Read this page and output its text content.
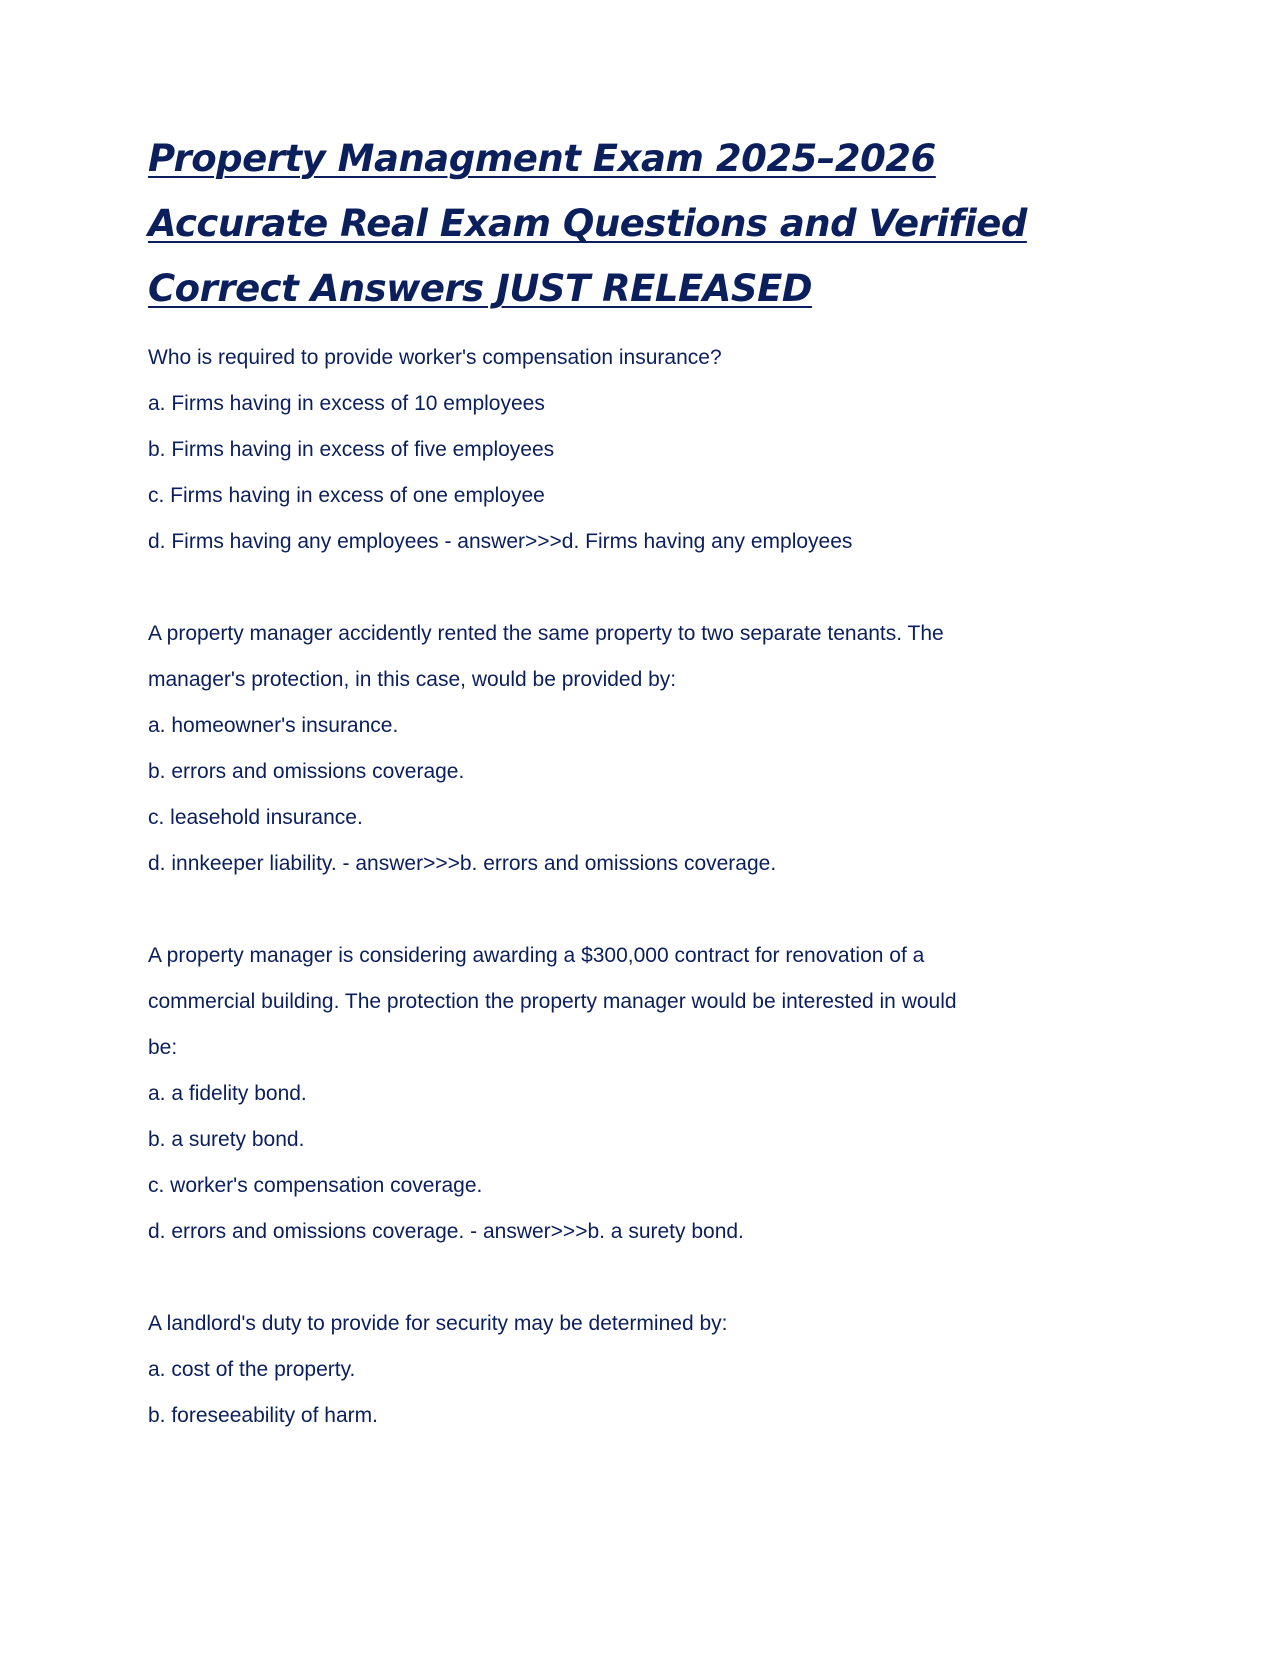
Property Managment Exam 2025–2026
Accurate Real Exam Questions and Verified
Correct Answers JUST RELEASED

Who is required to provide worker's compensation insurance?

a. Firms having in excess of 10 employees

b. Firms having in excess of five employees

c. Firms having in excess of one employee

d. Firms having any employees - answer>>>d. Firms having any employees

A property manager accidently rented the same property to two separate tenants. The

manager's protection, in this case, would be provided by:

a. homeowner's insurance.

b. errors and omissions coverage.

c. leasehold insurance.

d. innkeeper liability. - answer>>>b. errors and omissions coverage.

A property manager is considering awarding a $300,000 contract for renovation of a

commercial building. The protection the property manager would be interested in would

be:

a. a fidelity bond.

b. a surety bond.

c. worker's compensation coverage.

d. errors and omissions coverage. - answer>>>b. a surety bond.

A landlord's duty to provide for security may be determined by:

a. cost of the property.

b. foreseeability of harm.
